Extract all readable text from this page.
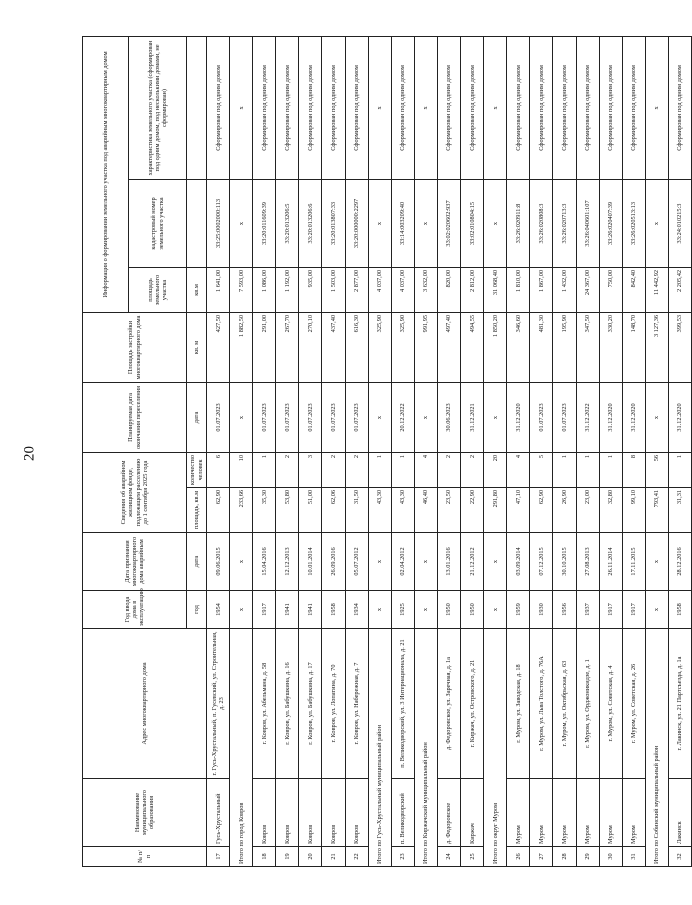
20
№ п/п	Наименование муниципального образования	Адрес многоквартирного дома	Год ввода дома в эксплуатацию	Дата признания многоквартирного дома аварийным	Сведения об аварийном жилищном фонде, подлежащем расселению до 1 сентября 2025 года		Планируемая дата окончания переселения	Площадь застройки многоквартирного дома	Информация о формировании земельного участка под аварийным многоквартирным домом		
									площадь земельного участка	кадастровый номер земельного участка	характеристика земельного участка (сформирован под одним домом, под несколькими домами, не сформирован)
			год	дата	площадь, кв.м	количество человек	дата	кв. м	кв.м		
17	Гусь-Хрустальный	г. Гусь-Хрустальный, п. Гусевский, ул. Строительная, д. 23	1954	09.06.2015	62,90	6	01.07.2023	427,50	1 641,00	33:25:0002000:113	Сформирован под одним домом
Итого по город Ковров			x	x	233,66	10	x	1 882,50	7 593,00	x	x
18	Ковров	г. Ковров, ул. Абельмана, д. 58	1917	15.04.2016	35,30	1	01.07.2023	291,00	1 086,00	33:20:011609:39	Сформирован под одним домом
19	Ковров	г. Ковров, ул. Бабушкина, д. 16	1941	12.12.2013	53,80	2	01.07.2023	267,70	1 192,00	33:20:013206:5	Сформирован под одним домом
20	Ковров	г. Ковров, ул. Бабушкина, д. 17	1941	10.01.2014	51,00	3	01.07.2023	270,10	935,00	33:20:013206:6	Сформирован под одним домом
21	Ковров	г. Ковров, ул. Лопатина, д. 70	1958	26.09.2016	62,06	2	01.07.2023	437,40	1 503,00	33:20:013807:33	Сформирован под одним домом
22	Ковров	г. Ковров, ул. Набережная, д. 7	1934	05.07.2012	31,50	2	01.07.2023	616,30	2 877,00	33:20:000000:2297	Сформирован под одним домом
Итого по Гусь-Хрустальный муниципальный район			x	x	43,30	1	x	325,90	4 037,00	x	x
23	п. Великодворский	п. Великодворский, ул. 3 Интернационала, д. 21	1925	02.04.2012	43,30	1	20.12.2022	325,90	4 037,00	33:14:003209:40	Сформирован под одним домом
Итого по Киржачский муниципальный район			x	x	46,40	4	x	991,95	3 632,00	x	x
24	д. Федоровское	д. Федоровское, ул. Заречная, д. 1а	1950	13.01.2016	23,50	2	30.06.2023	497,40	820,00	33:02:020602:937	Сформирован под одним домом
25	Киржач	г. Киржач, ул. Островского, д. 21	1950	21.12.2012	22,90	2	31.12.2021	494,55	2 812,00	33:02:010804:15	Сформирован под одним домом
Итого по округ Муром			x	x	291,80	20	x	1 850,20	31 068,40	x	x
26	Муром	г. Муром, ул. Заводская, д. 18	1959	03.09.2014	47,10	4	31.12.2020	346,60	1 810,00	33:26:020911:8	Сформирован под одним домом
27	Муром	г. Муром, ул. Льва Толстого, д. 76А	1930	07.12.2015	62,90	5	01.07.2023	481,30	1 867,00	33:26:020808:3	Сформирован под одним домом
28	Муром	г. Муром, ул. Октябрьская, д. 63	1956	30.10.2015	26,90	1	01.07.2023	195,90	1 432,00	33:26:020713:3	Сформирован под одним домом
29	Муром	г. Муром, ул. Орджоникидзе, д. 1	1937	27.08.2013	23,00	1	31.12.2022	347,50	24 367,00	33:26:040601:107	Сформирован под одним домом
30	Муром	г. Муром, ул. Советская, д. 4	1917	26.11.2014	32,80	1	31.12.2020	330,20	750,00	33:26:020407:39	Сформирован под одним домом
31	Муром	г. Муром, ул. Советская, д. 26	1917	17.11.2015	99,10	8	31.12.2020	148,70	842,40	33:26:020513:13	Сформирован под одним домом
Итого по Собинский муниципальный район			x	x	793,41	56	x	3 127,36	11 442,92	x	x
32	Лакинск	г. Лакинск, ул. 21 Партсъезда, д. 1а	1958	28.12.2016	31,31	1	31.12.2020	399,53	2 205,42	33:24:010215:3	Сформирован под одним домом
